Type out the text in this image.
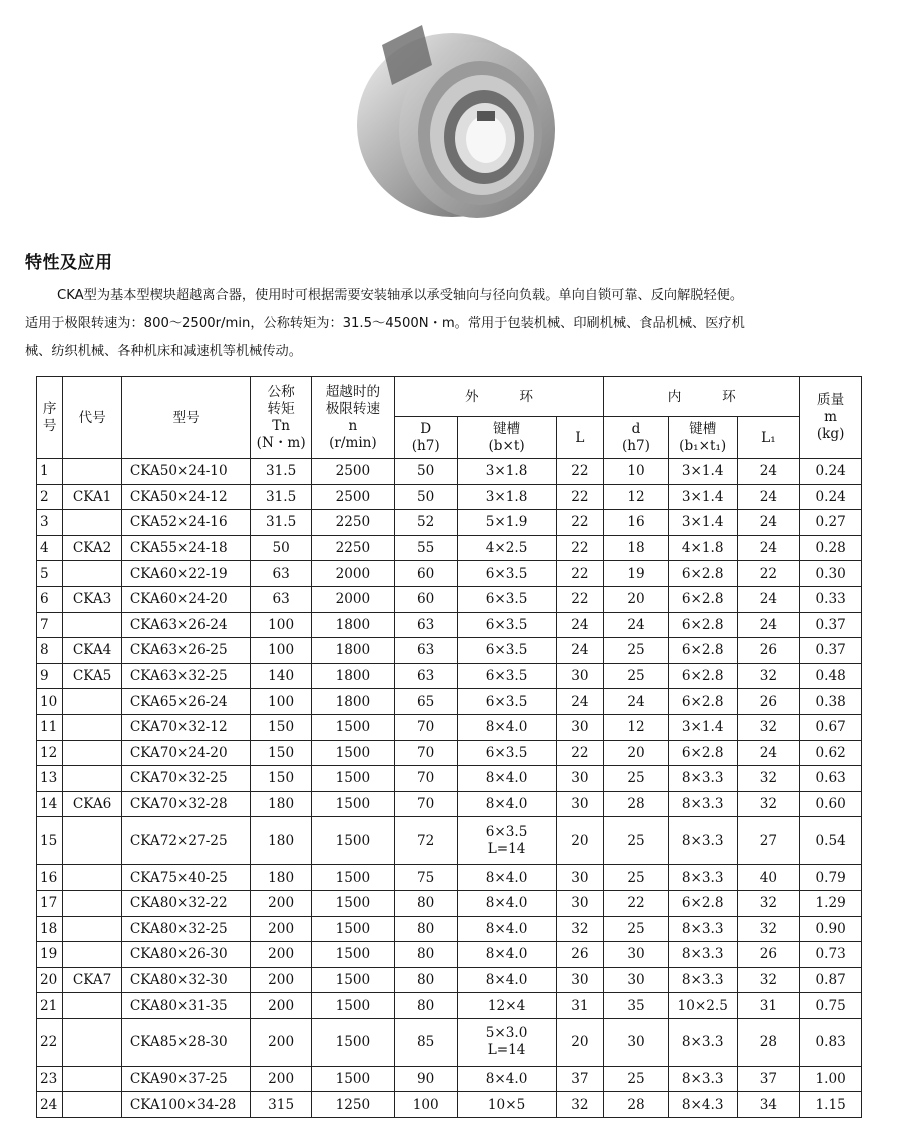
特性及应用

CKA型为基本型楔块超越离合器，使用时可根据需要安装轴承以承受轴向与径向负载。单向自锁可靠、反向解脱轻便。

适用于极限转速为：800～2500r/min，公称转矩为：31.5～4500N・m。常用于包装机械、印刷机械、食品机械、医疗机

械、纺织机械、各种机床和减速机等机械传动。

序号	代号	型号	公称
转矩
Tn
(N・m)	超越时的
极限转速
n
(r/min)	外　　　环			内　　　环			质量
m
(kg)

					D
(h7)	键槽
(b×t)	L	d
(h7)	键槽
(b₁×t₁)	L₁	
1		CKA50×24-10	31.5	2500	50	3×1.8	22	10	3×1.4	24	0.24
2	CKA1	CKA50×24-12	31.5	2500	50	3×1.8	22	12	3×1.4	24	0.24
3		CKA52×24-16	31.5	2250	52	5×1.9	22	16	3×1.4	24	0.27
4	CKA2	CKA55×24-18	50	2250	55	4×2.5	22	18	4×1.8	24	0.28
5		CKA60×22-19	63	2000	60	6×3.5	22	19	6×2.8	22	0.30
6	CKA3	CKA60×24-20	63	2000	60	6×3.5	22	20	6×2.8	24	0.33
7		CKA63×26-24	100	1800	63	6×3.5	24	24	6×2.8	24	0.37
8	CKA4	CKA63×26-25	100	1800	63	6×3.5	24	25	6×2.8	26	0.37
9	CKA5	CKA63×32-25	140	1800	63	6×3.5	30	25	6×2.8	32	0.48
10		CKA65×26-24	100	1800	65	6×3.5	24	24	6×2.8	26	0.38
11		CKA70×32-12	150	1500	70	8×4.0	30	12	3×1.4	32	0.67
12		CKA70×24-20	150	1500	70	6×3.5	22	20	6×2.8	24	0.62
13		CKA70×32-25	150	1500	70	8×4.0	30	25	8×3.3	32	0.63
14	CKA6	CKA70×32-28	180	1500	70	8×4.0	30	28	8×3.3	32	0.60
15		CKA72×27-25	180	1500	72	6×3.5
L=14	20	25	8×3.3	27	0.54
16		CKA75×40-25	180	1500	75	8×4.0	30	25	8×3.3	40	0.79
17		CKA80×32-22	200	1500	80	8×4.0	30	22	6×2.8	32	1.29
18		CKA80×32-25	200	1500	80	8×4.0	32	25	8×3.3	32	0.90
19		CKA80×26-30	200	1500	80	8×4.0	26	30	8×3.3	26	0.73
20	CKA7	CKA80×32-30	200	1500	80	8×4.0	30	30	8×3.3	32	0.87
21		CKA80×31-35	200	1500	80	12×4	31	35	10×2.5	31	0.75
22		CKA85×28-30	200	1500	85	5×3.0
L=14	20	30	8×3.3	28	0.83
23		CKA90×37-25	200	1500	90	8×4.0	37	25	8×3.3	37	1.00
24		CKA100×34-28	315	1250	100	10×5	32	28	8×4.3	34	1.15
